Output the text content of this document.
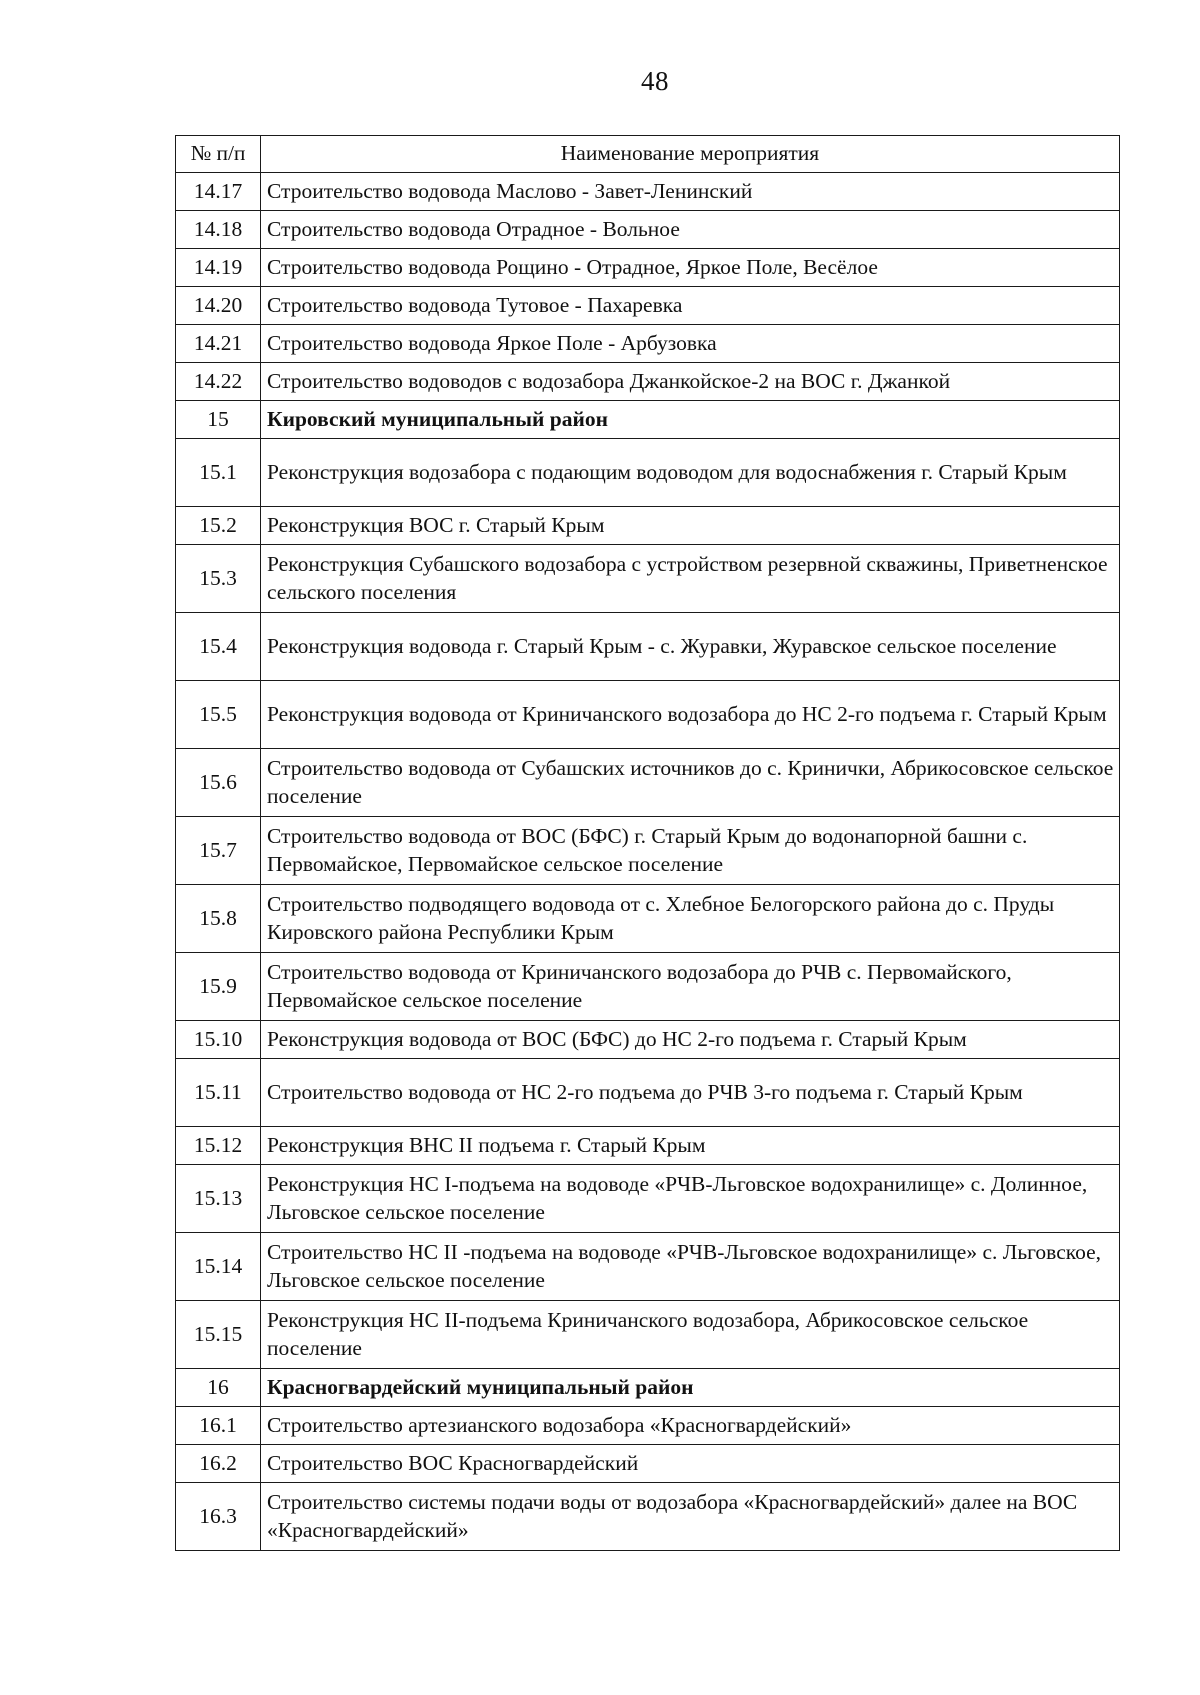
48
№ п/п	Наименование мероприятия
14.17	Строительство водовода Маслово - Завет-Ленинский
14.18	Строительство водовода Отрадное - Вольное
14.19	Строительство водовода Рощино - Отрадное, Яркое Поле, Весёлое
14.20	Строительство водовода Тутовое - Пахаревка
14.21	Строительство водовода Яркое Поле - Арбузовка
14.22	Строительство водоводов с водозабора Джанкойское-2 на ВОС г. Джанкой
15	Кировский муниципальный район
15.1	Реконструкция водозабора с подающим водоводом для водоснабжения г. Старый Крым
15.2	Реконструкция ВОС г. Старый Крым
15.3	Реконструкция Субашского водозабора с устройством резервной скважины, Приветненское сельского поселения
15.4	Реконструкция водовода г. Старый Крым - с. Журавки, Журавское сельское поселение
15.5	Реконструкция водовода от Криничанского водозабора до НС 2-го подъема г. Старый Крым
15.6	Строительство водовода от Субашских источников до с. Кринички, Абрикосовское сельское поселение
15.7	Строительство водовода от ВОС (БФС) г. Старый Крым до водонапорной башни с. Первомайское, Первомайское сельское поселение
15.8	Строительство подводящего водовода от с. Хлебное Белогорского района до с. Пруды Кировского района Республики Крым
15.9	Строительство водовода от Криничанского водозабора до РЧВ с. Первомайского, Первомайское сельское поселение
15.10	Реконструкция водовода от ВОС (БФС) до НС 2-го подъема г. Старый Крым
15.11	Строительство водовода от НС 2-го подъема до РЧВ 3-го подъема г. Старый Крым
15.12	Реконструкция ВНС II подъема г. Старый Крым
15.13	Реконструкция НС I-подъема на водоводе «РЧВ-Льговское водохранилище» с. Долинное, Льговское сельское поселение
15.14	Строительство НС II -подъема на водоводе «РЧВ-Льговское водохранилище» с. Льговское, Льговское сельское поселение
15.15	Реконструкция НС II-подъема Криничанского водозабора, Абрикосовское сельское поселение
16	Красногвардейский муниципальный район
16.1	Строительство артезианского водозабора «Красногвардейский»
16.2	Строительство ВОС Красногвардейский
16.3	Строительство системы подачи воды от водозабора «Красногвардейский» далее на ВОС «Красногвардейский»
